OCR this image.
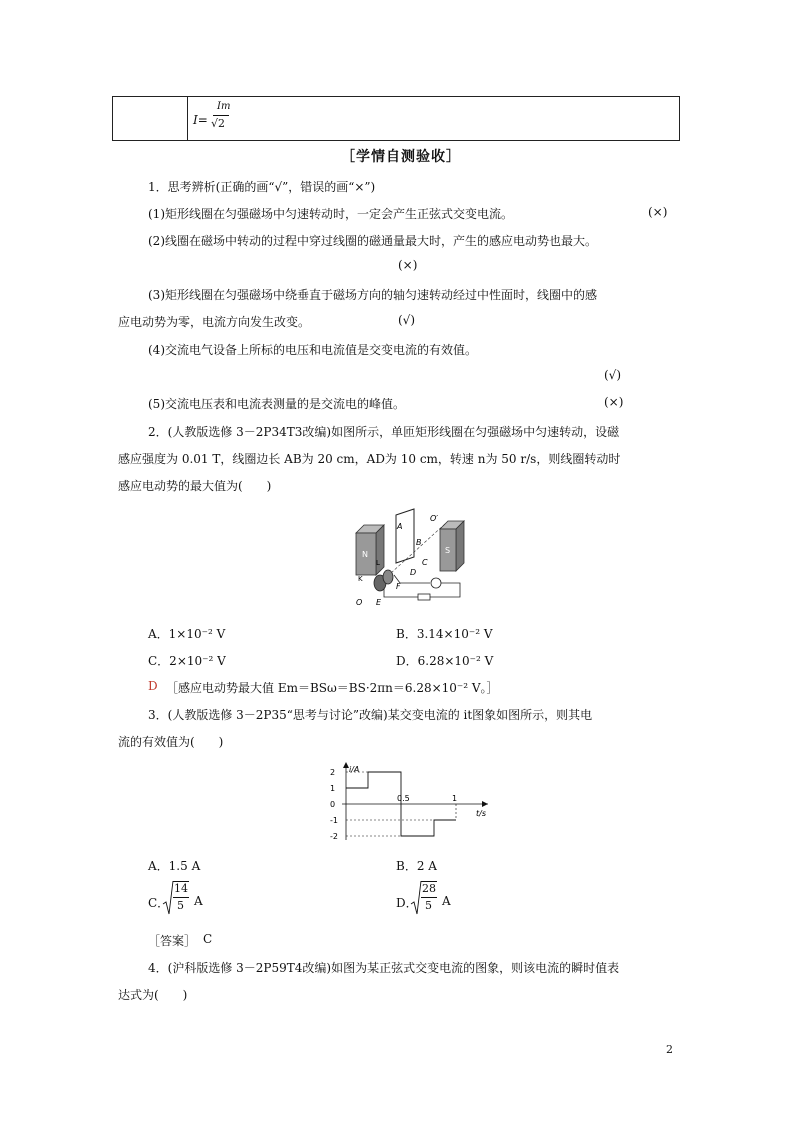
I=
Im
√2
［学情自测验收］
1．思考辨析(正确的画“√”，错误的画“×”)
(1)矩形线圈在匀强磁场中匀速转动时，一定会产生正弦式交变电流。	(×)
(2)线圈在磁场中转动的过程中穿过线圈的磁通量最大时，产生的感应电动势也最大。
(×)
(3)矩形线圈在匀强磁场中绕垂直于磁场方向的轴匀速转动经过中性面时，线圈中的感
应电动势为零，电流方向发生改变。	(√)
(4)交流电气设备上所标的电压和电流值是交变电流的有效值。
(√)
(5)交流电压表和电流表测量的是交流电的峰值。	(×)
2．(人教版选修 3－2P34T3改编)如图所示，单匝矩形线圈在匀强磁场中匀速转动，设磁
感应强度为 0.01 T，线圈边长 AB为 20 cm，AD为 10 cm，转速 n为 50 r/s，则线圈转动时
感应电动势的最大值为(　　)
A
O′
B
N	S
L	C
D
K
F
O E
A．1×10⁻² V	B．3.14×10⁻² V
C．2×10⁻² V	D．6.28×10⁻² V
D ［感应电动势最大值 Em＝BSω＝BS·2πn＝6.28×10⁻² V。］
3．(人教版选修 3－2P35“思考与讨论”改编)某交变电流的 it图象如图所示，则其电
流的有效值为(　　)
i/A
t/s
2
1
0
-1
-2
0.5	1
A．1.5 A	B．2 A
C．
14
5 A	D．
28
5 A
［答案］ C
4．(沪科版选修 3－2P59T4改编)如图为某正弦式交变电流的图象，则该电流的瞬时值表
达式为(　　)
2
